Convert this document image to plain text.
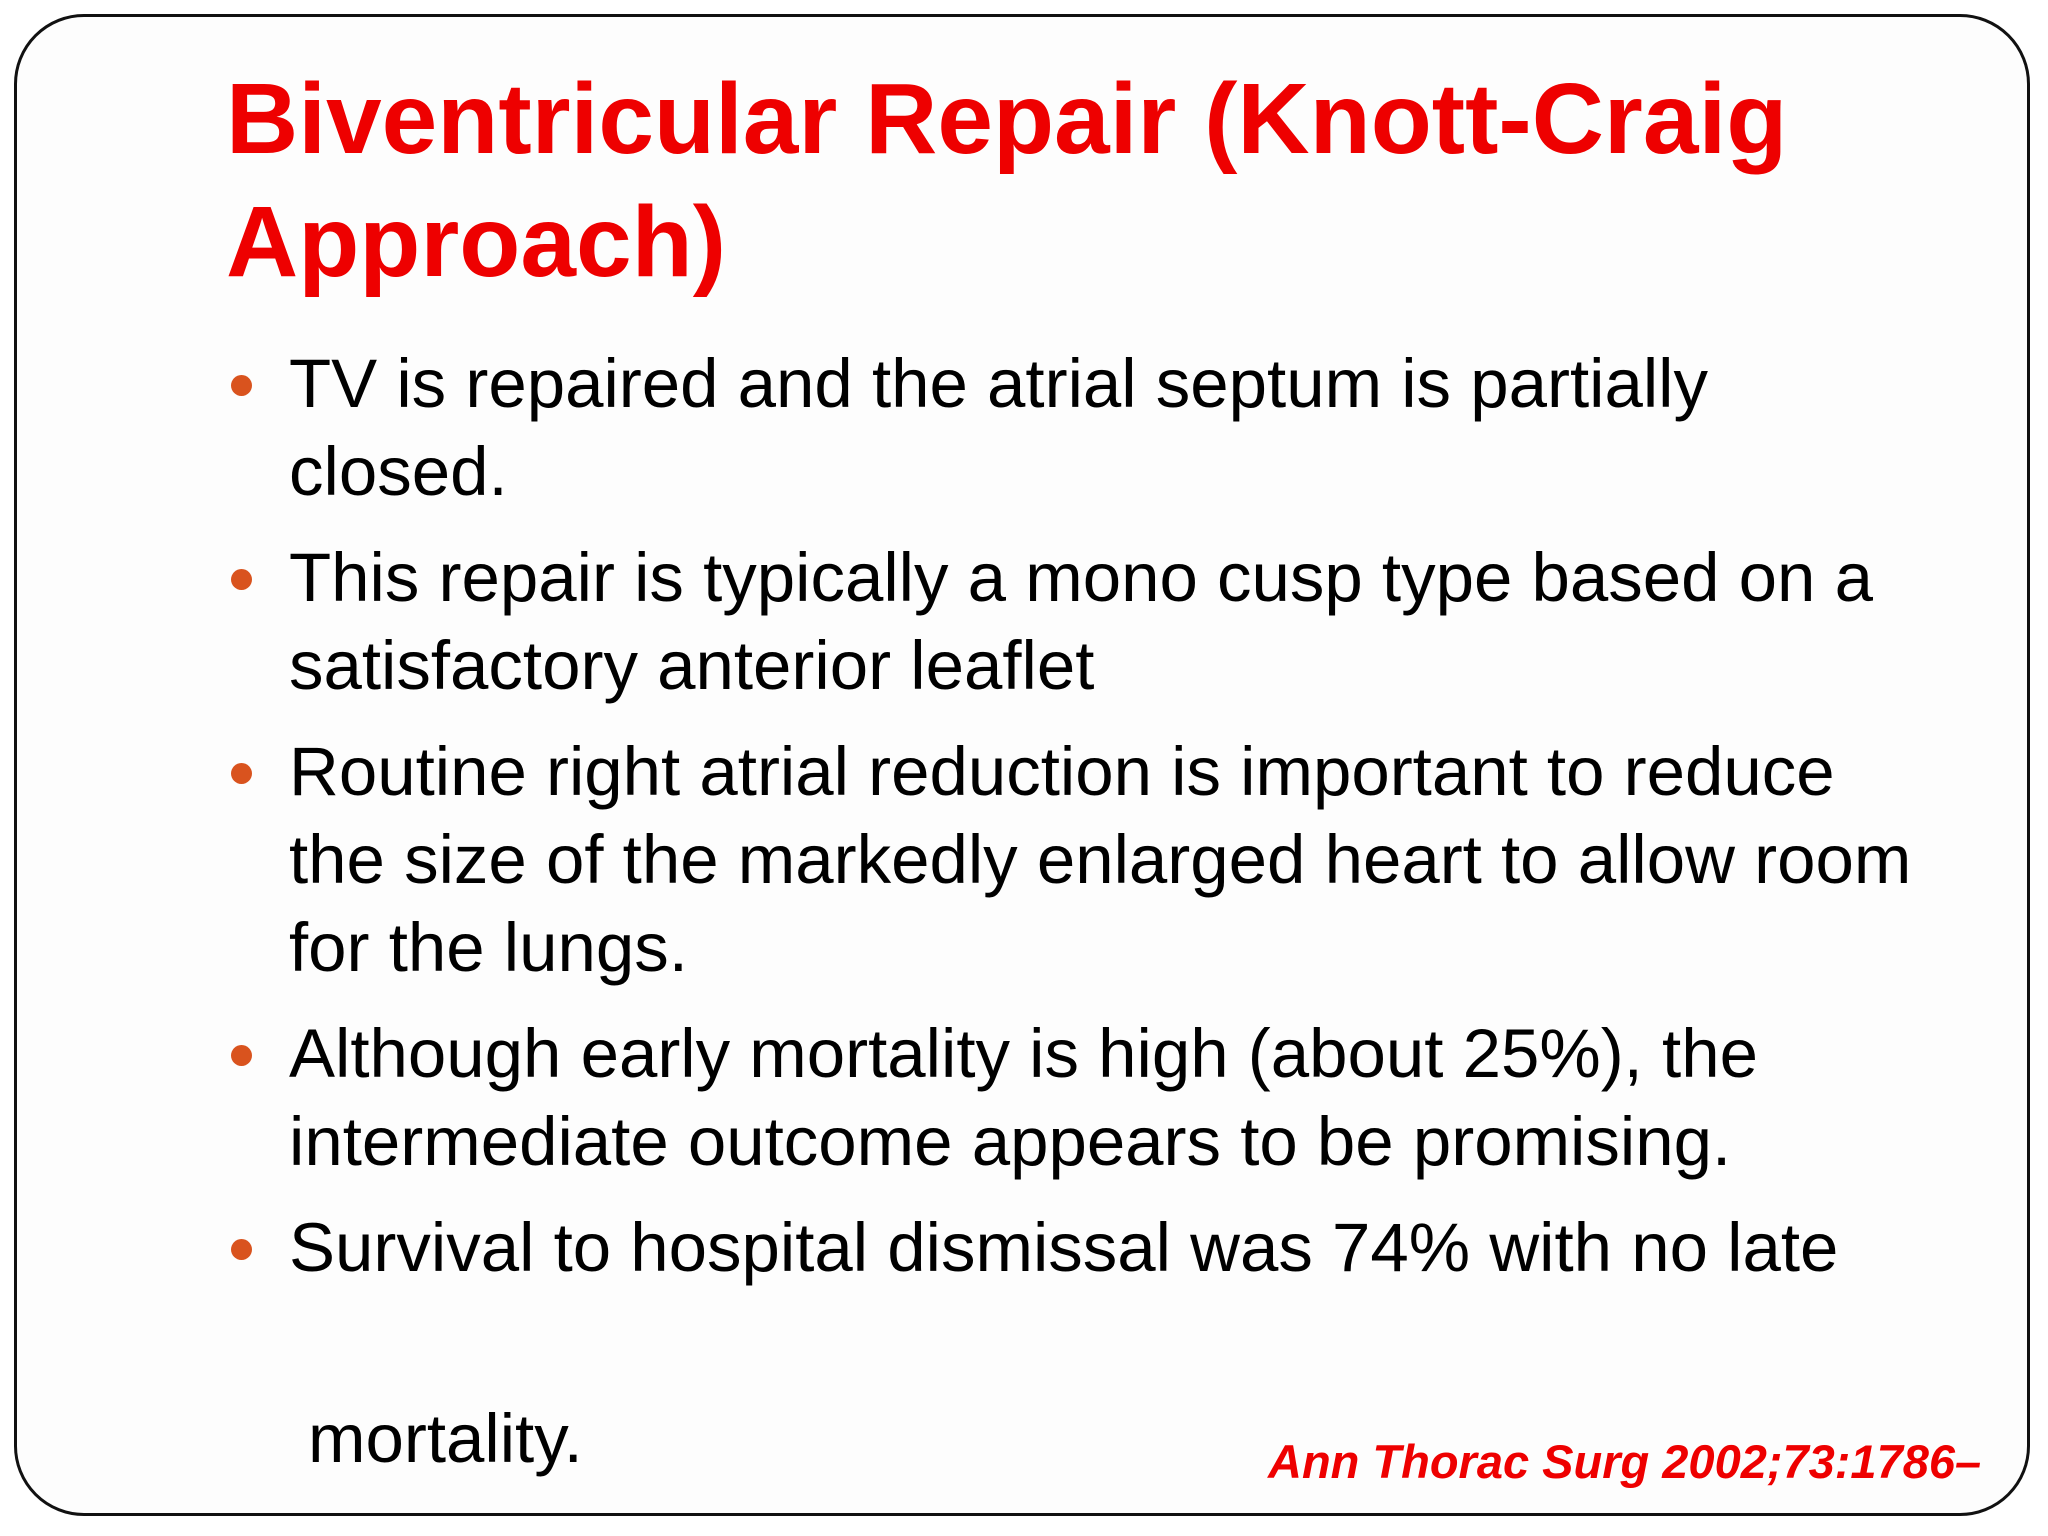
Biventricular Repair (Knott-Craig Approach)
TV is repaired and the atrial septum is partially closed.
This repair is typically a mono cusp type based on a satisfactory anterior leaflet
Routine right atrial reduction is important to reduce the size of the markedly enlarged heart to allow room for the lungs.
Although early mortality is high (about 25%), the intermediate outcome appears to be promising.
Survival to hospital dismissal was 74% with no late

mortality.	Ann Thorac Surg 2002;73:1786–
